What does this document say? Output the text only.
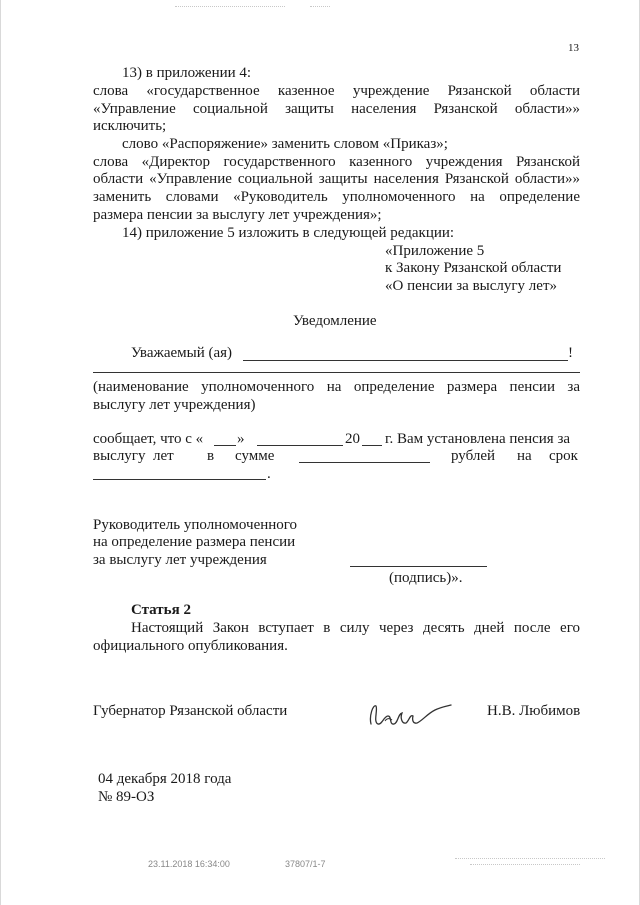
13
13) в приложении 4:
слова «государственное казенное учреждение Рязанской области
«Управление социальной защиты населения Рязанской области»»
исключить;
слово «Распоряжение» заменить словом «Приказ»;
слова «Директор государственного казенного учреждения Рязанской
области «Управление социальной защиты населения Рязанской области»»
заменить словами «Руководитель уполномоченного на определение
размера пенсии за выслугу лет учреждения»;
14) приложение 5 изложить в следующей редакции:
«Приложение 5
к Закону Рязанской области
«О пенсии за выслугу лет»
Уведомление
Уважаемый (ая)	!
(наименование уполномоченного на определение размера пенсии за
выслугу лет учреждения)
сообщает, что с « »	20 г. Вам установлена пенсия за
выслугу лет в сумме	рублей на срок
.
Руководитель уполномоченного
на определение размера пенсии
за выслугу лет учреждения
(подпись)».
Статья 2
Настоящий Закон вступает в силу через десять дней после его
официального опубликования.
Губернатор Рязанской области	Н.В. Любимов
04 декабря 2018 года
№ 89-ОЗ
23.11.2018 16:34:00	37807/1-7
